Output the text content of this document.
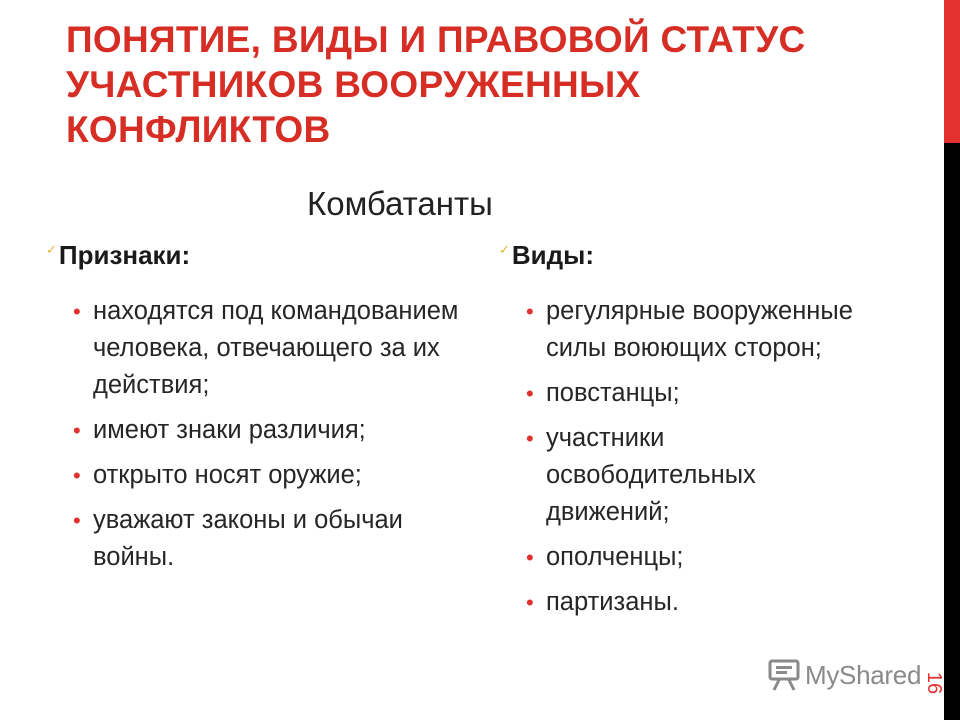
ПОНЯТИЕ, ВИДЫ И ПРАВОВОЙ СТАТУС
УЧАСТНИКОВ ВООРУЖЕННЫХ
КОНФЛИКТОВ
Комбатанты
✓Признаки:	✓Виды:
• находятся под командованием человека, отвечающего за их действия;
• имеют знаки различия;
• открыто носят оружие;
• уважают законы и обычаи войны.
• регулярные вооруженные силы воюющих сторон;
• повстанцы;
• участники освободительных движений;
• ополченцы;
• партизаны.
MyShared 16
